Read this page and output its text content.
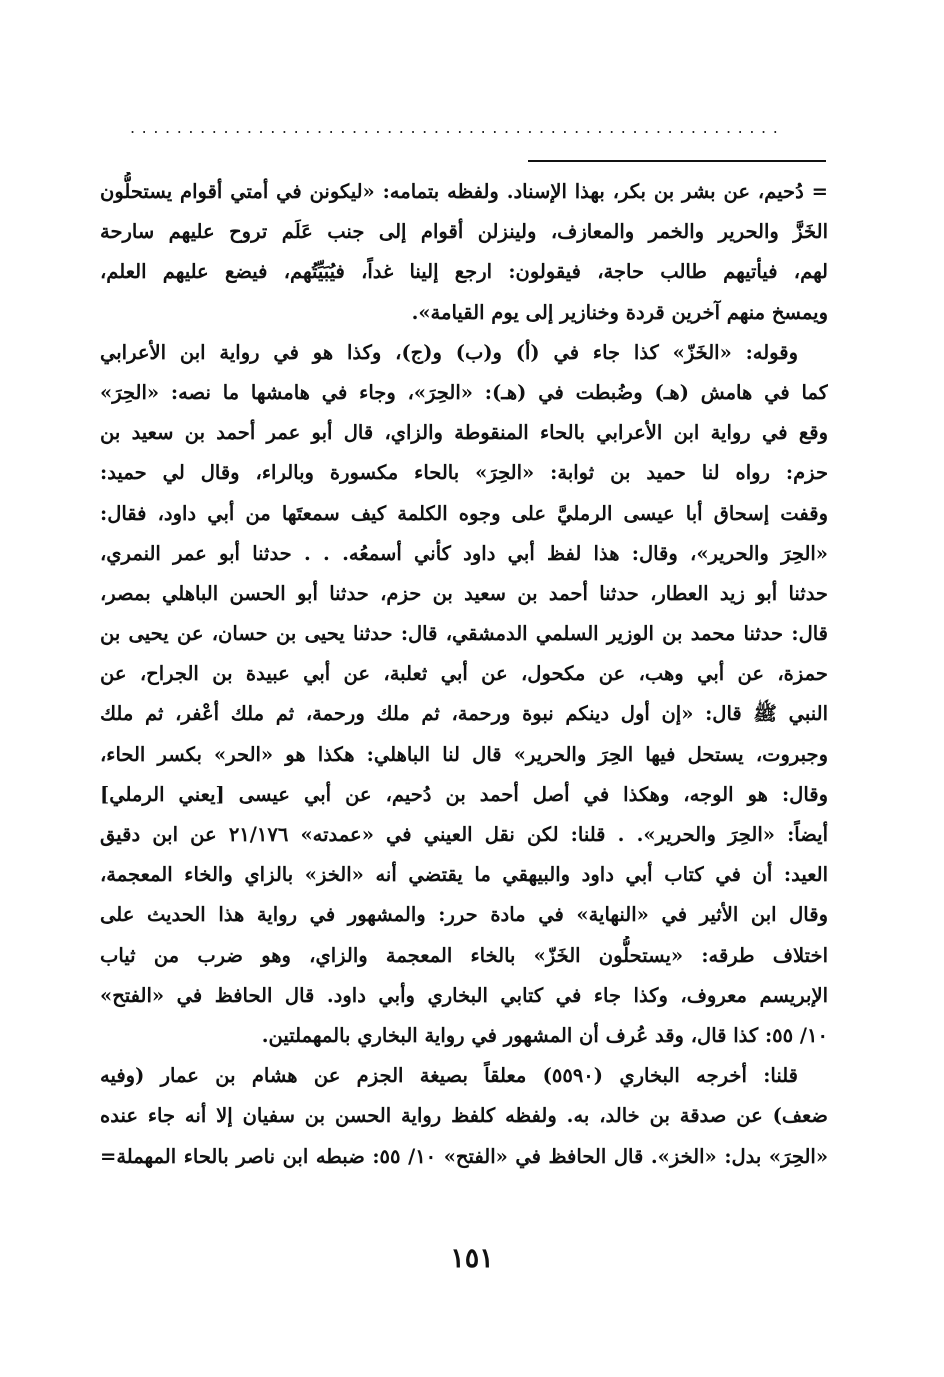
........................................................
= دُحيم، عن بشر بن بكر، بهذا الإسناد. ولفظه بتمامه: «ليكونن في أمتي أقوام يستحلُّون
الخَزَّ والحرير والخمر والمعازف، ولينزلن أقوام إلى جنب عَلَم تروح عليهم سارحة
لهم، فيأتيهم طالب حاجة، فيقولون: ارجع إلينا غداً، فيُبَيِّتُهم، فيضع عليهم العلم،
ويمسخ منهم آخرين قردة وخنازير إلى يوم القيامة».
وقوله: «الخَزّ» كذا جاء في (أ) و(ب) و(ج)، وكذا هو في رواية ابن الأعرابي
كما في هامش (هـ) وضُبطت في (هـ): «الحِرَ»، وجاء في هامشها ما نصه: «الحِرَ»
وقع في رواية ابن الأعرابي بالحاء المنقوطة والزاي، قال أبو عمر أحمد بن سعيد بن
حزم: رواه لنا حميد بن ثوابة: «الحِرَ» بالحاء مكسورة وبالراء، وقال لي حميد:
وقفت إسحاق أبا عيسى الرمليَّ على وجوه الكلمة كيف سمعتَها من أبي داود، فقال:
«الحِرَ والحرير»، وقال: هذا لفظ أبي داود كأني أسمعُه. . . حدثنا أبو عمر النمري،
حدثنا أبو زيد العطار، حدثنا أحمد بن سعيد بن حزم، حدثنا أبو الحسن الباهلي بمصر،
قال: حدثنا محمد بن الوزير السلمي الدمشقي، قال: حدثنا يحيى بن حسان، عن يحيى بن
حمزة، عن أبي وهب، عن مكحول، عن أبي ثعلبة، عن أبي عبيدة بن الجراح، عن
النبي ﷺ قال: «إن أول دينكم نبوة ورحمة، ثم ملك ورحمة، ثم ملك أعْفر، ثم ملك
وجبروت، يستحل فيها الحِرَ والحرير» قال لنا الباهلي: هكذا هو «الحر» بكسر الحاء،
وقال: هو الوجه، وهكذا في أصل أحمد بن دُحيم، عن أبي عيسى [يعني الرملي]
أيضاً: «الحِرَ والحرير». . قلنا: لكن نقل العيني في «عمدته» ٢١/١٧٦ عن ابن دقيق
العيد: أن في كتاب أبي داود والبيهقي ما يقتضي أنه «الخز» بالزاي والخاء المعجمة،
وقال ابن الأثير في «النهاية» في مادة حرر: والمشهور في رواية هذا الحديث على
اختلاف طرقه: «يستحلُّون الخَزّ» بالخاء المعجمة والزاي، وهو ضرب من ثياب
الإبريسم معروف، وكذا جاء في كتابي البخاري وأبي داود. قال الحافظ في «الفتح»
١٠/ ٥٥: كذا قال، وقد عُرف أن المشهور في رواية البخاري بالمهملتين.
قلنا: أخرجه البخاري (٥٥٩٠) معلقاً بصيغة الجزم عن هشام بن عمار (وفيه
ضعف) عن صدقة بن خالد، به. ولفظه كلفظ رواية الحسن بن سفيان إلا أنه جاء عنده
«الحِرَ» بدل: «الخز». قال الحافظ في «الفتح» ١٠/ ٥٥: ضبطه ابن ناصر بالحاء المهملة=
١٥١
